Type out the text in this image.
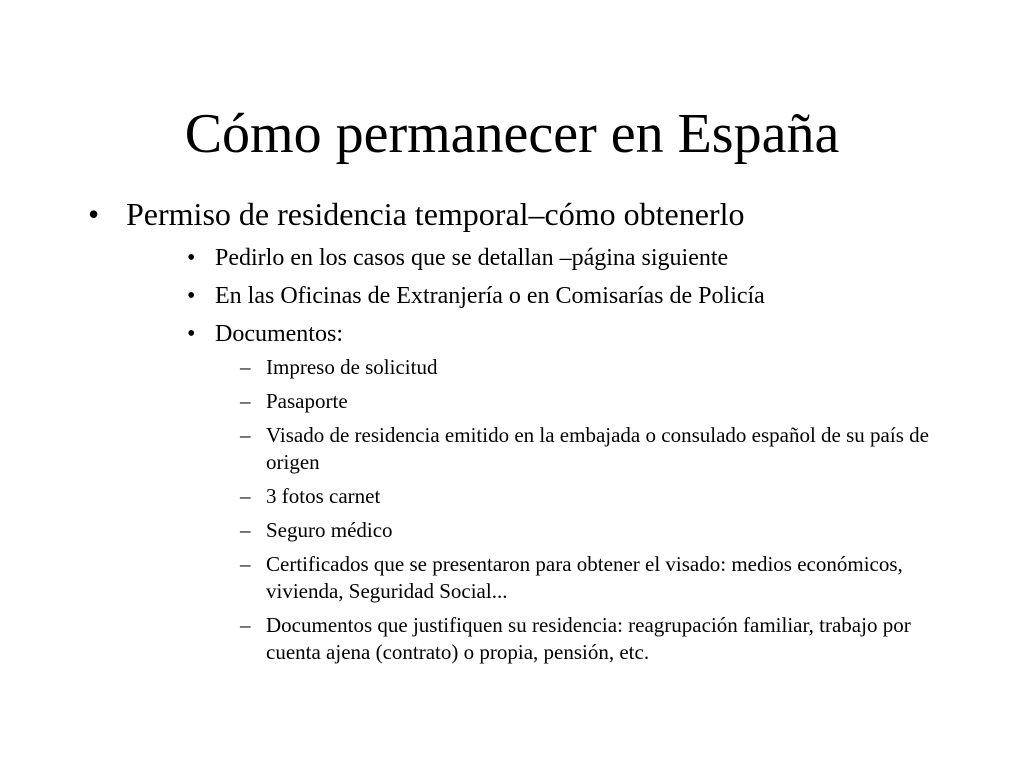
Cómo permanecer en España
• Permiso de residencia temporal–cómo obtenerlo
• Pedirlo en los casos que se detallan –página siguiente
• En las Oficinas de Extranjería o en Comisarías de Policía
• Documentos:
– Impreso de solicitud
– Pasaporte
– Visado de residencia emitido en la embajada o consulado español de su país de origen
– 3 fotos carnet
– Seguro médico
– Certificados que se presentaron para obtener el visado: medios económicos, vivienda, Seguridad Social...
– Documentos que justifiquen su residencia: reagrupación familiar, trabajo por cuenta ajena (contrato) o propia, pensión, etc.
